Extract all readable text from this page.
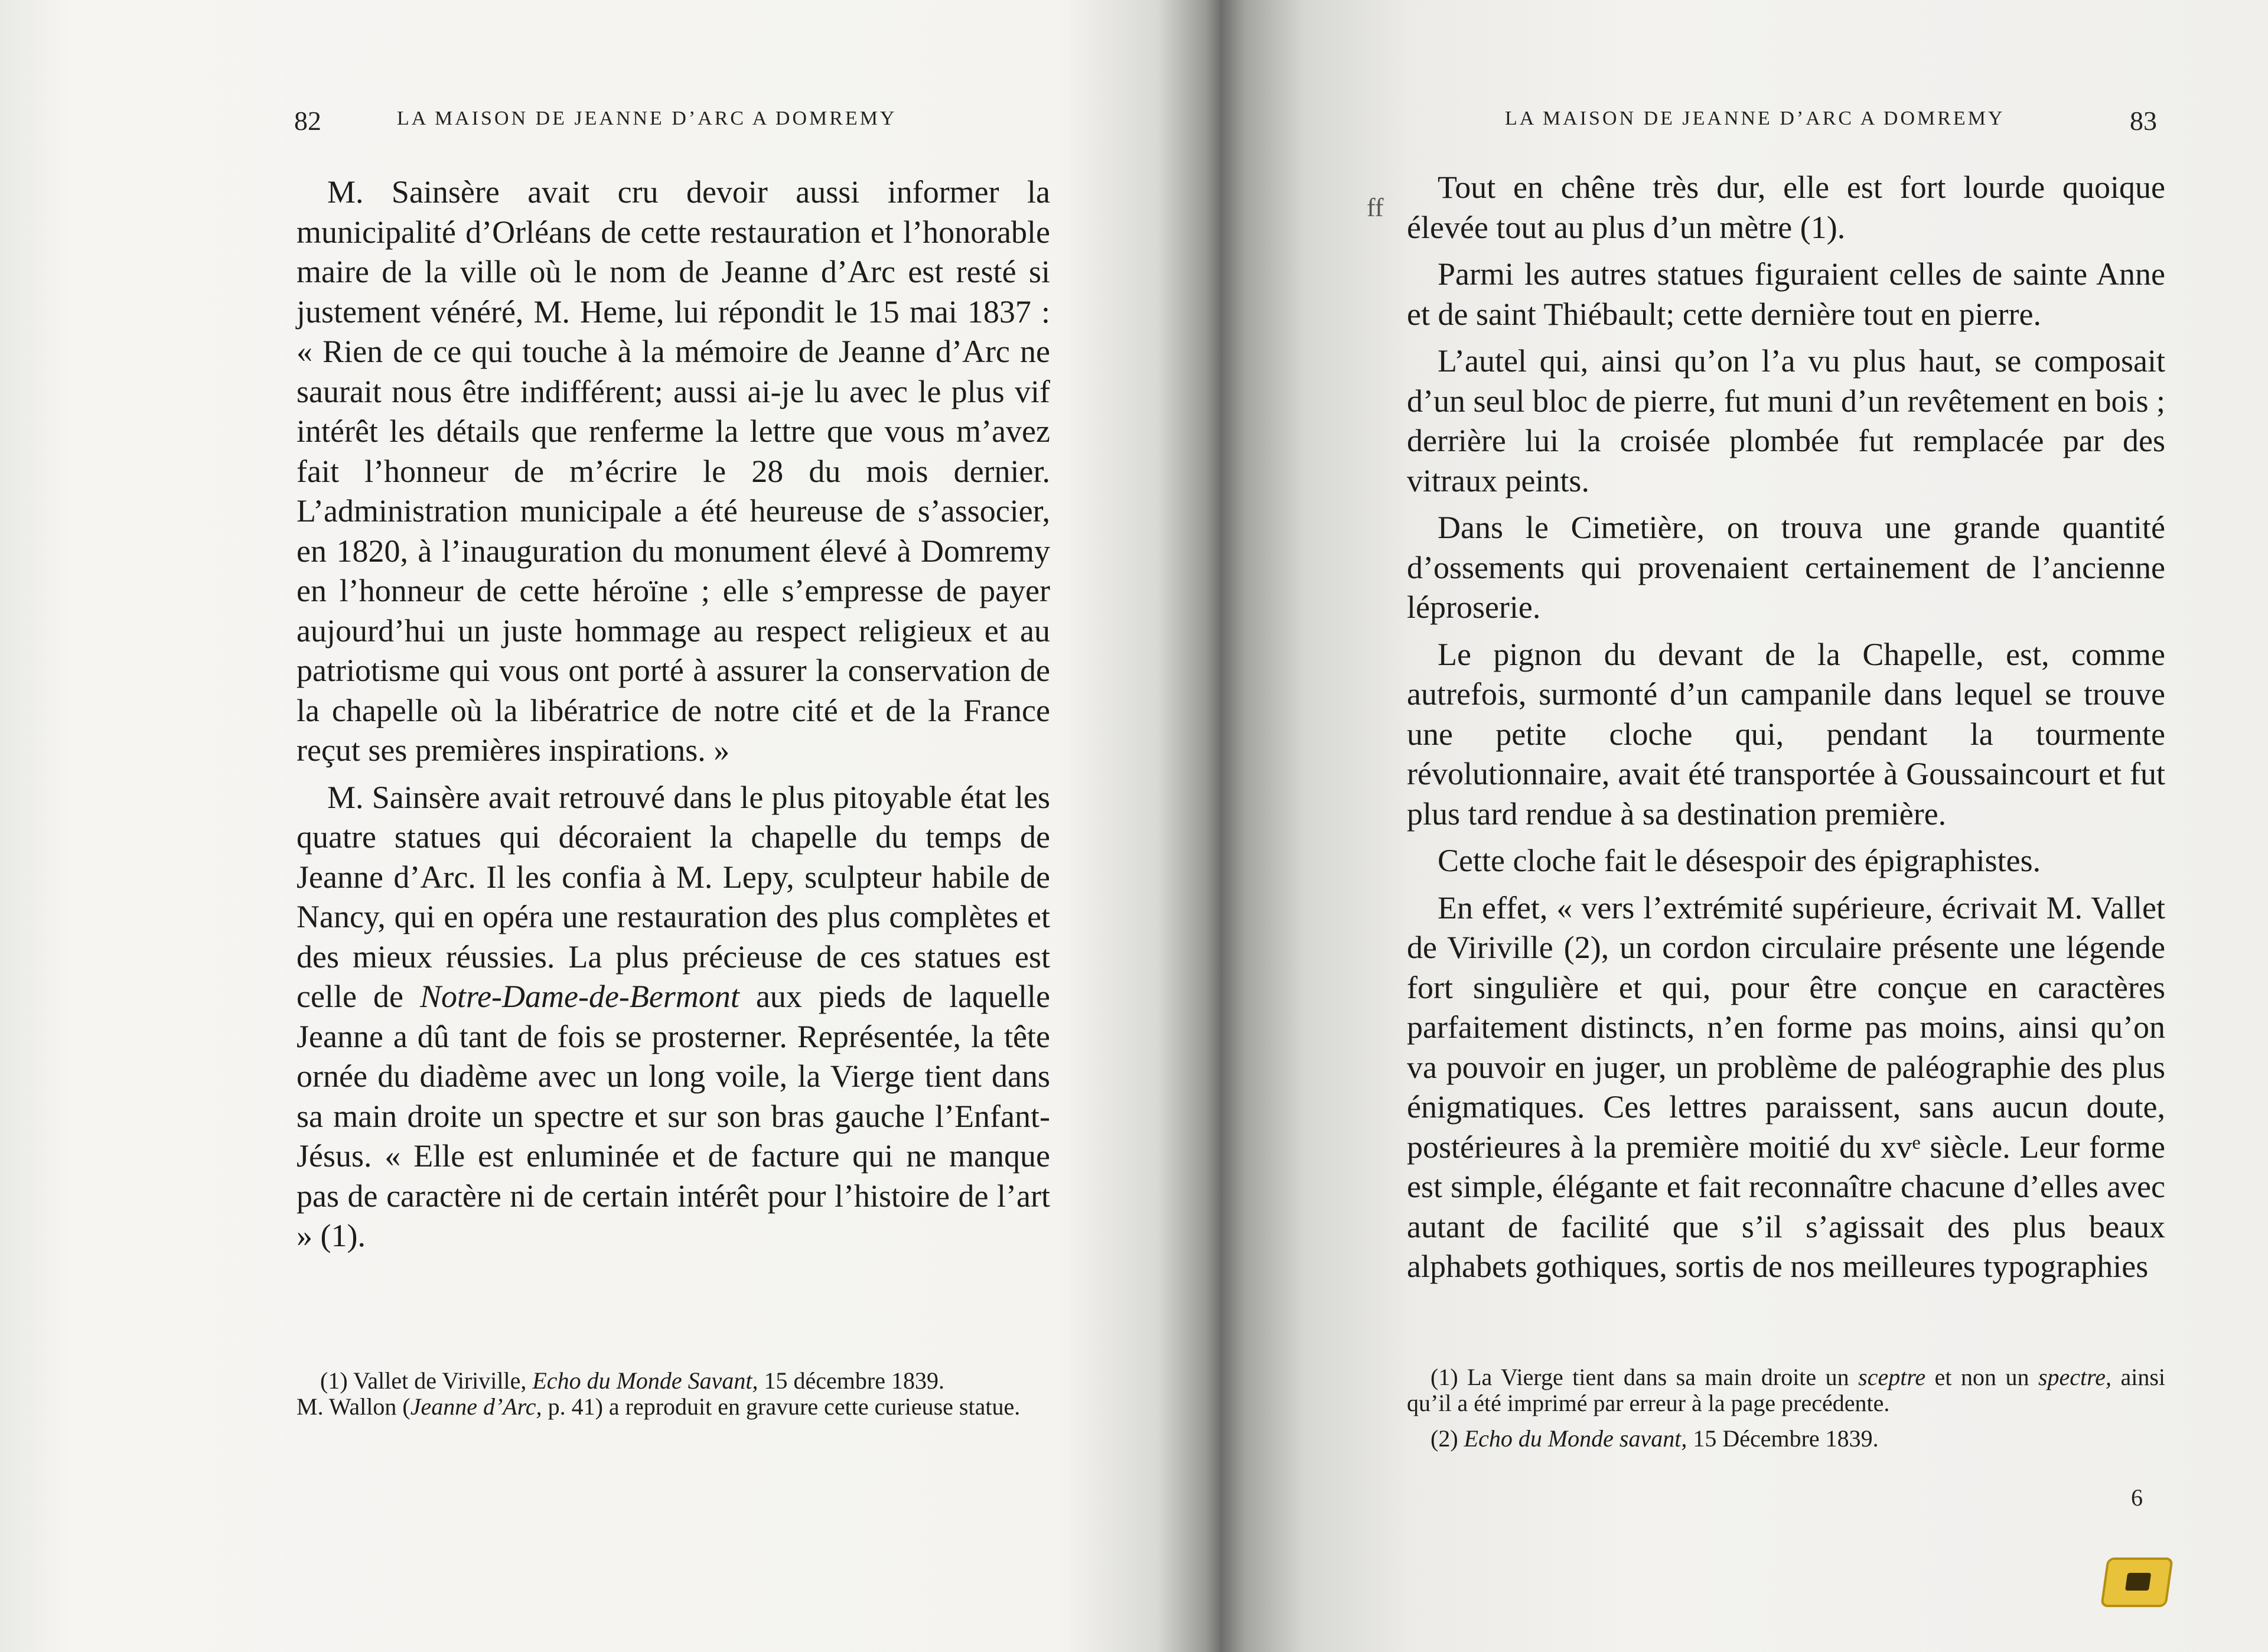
82	LA MAISON DE JEANNE D’ARC A DOMREMY

M. Sainsère avait cru devoir aussi informer la municipalité d’Orléans de cette restauration et l’honorable maire de la ville où le nom de Jeanne d’Arc est resté si justement vénéré, M. Heme, lui répondit le 15 mai 1837 : « Rien de ce qui touche à la mémoire de Jeanne d’Arc ne saurait nous être indifférent; aussi ai-je lu avec le plus vif intérêt les détails que renferme la lettre que vous m’avez fait l’honneur de m’écrire le 28 du mois dernier. L’administration municipale a été heureuse de s’associer, en 1820, à l’inauguration du monument élevé à Domremy en l’honneur de cette héroïne ; elle s’empresse de payer aujourd’hui un juste hommage au respect religieux et au patriotisme qui vous ont porté à assurer la conservation de la chapelle où la libératrice de notre cité et de la France reçut ses premières inspirations. »

M. Sainsère avait retrouvé dans le plus pitoyable état les quatre statues qui décoraient la chapelle du temps de Jeanne d’Arc. Il les confia à M. Lepy, sculpteur habile de Nancy, qui en opéra une restauration des plus complètes et des mieux réussies. La plus précieuse de ces statues est celle de Notre-Dame-de-Bermont aux pieds de laquelle Jeanne a dû tant de fois se prosterner. Représentée, la tête ornée du diadème avec un long voile, la Vierge tient dans sa main droite un spectre et sur son bras gauche l’Enfant-Jésus. « Elle est enluminée et de facture qui ne manque pas de caractère ni de certain intérêt pour l’histoire de l’art » (1).

(1) Vallet de Viriville, Echo du Monde Savant, 15 décembre 1839.
M. Wallon (Jeanne d’Arc, p. 41) a reproduit en gravure cette curieuse statue.

LA MAISON DE JEANNE D’ARC A DOMREMY	83
ff

Tout en chêne très dur, elle est fort lourde quoique élevée tout au plus d’un mètre (1).

Parmi les autres statues figuraient celles de sainte Anne et de saint Thiébault; cette dernière tout en pierre.

L’autel qui, ainsi qu’on l’a vu plus haut, se composait d’un seul bloc de pierre, fut muni d’un revêtement en bois ; derrière lui la croisée plombée fut remplacée par des vitraux peints.

Dans le Cimetière, on trouva une grande quantité d’ossements qui provenaient certainement de l’ancienne léproserie.

Le pignon du devant de la Chapelle, est, comme autrefois, surmonté d’un campanile dans lequel se trouve une petite cloche qui, pendant la tourmente révolutionnaire, avait été transportée à Goussaincourt et fut plus tard rendue à sa destination première.

Cette cloche fait le désespoir des épigraphistes.

En effet, « vers l’extrémité supérieure, écrivait M. Vallet de Viriville (2), un cordon circulaire présente une légende fort singulière et qui, pour être conçue en caractères parfaitement distincts, n’en forme pas moins, ainsi qu’on va pouvoir en juger, un problème de paléographie des plus énigmatiques. Ces lettres paraissent, sans aucun doute, postérieures à la première moitié du xvᵉ siècle. Leur forme est simple, élégante et fait reconnaître chacune d’elles avec autant de facilité que s’il s’agissait des plus beaux alphabets gothiques, sortis de nos meilleures typographies

(1) La Vierge tient dans sa main droite un sceptre et non un spectre, ainsi qu’il a été imprimé par erreur à la page precédente.

(2) Echo du Monde savant, 15 Décembre 1839.

6
